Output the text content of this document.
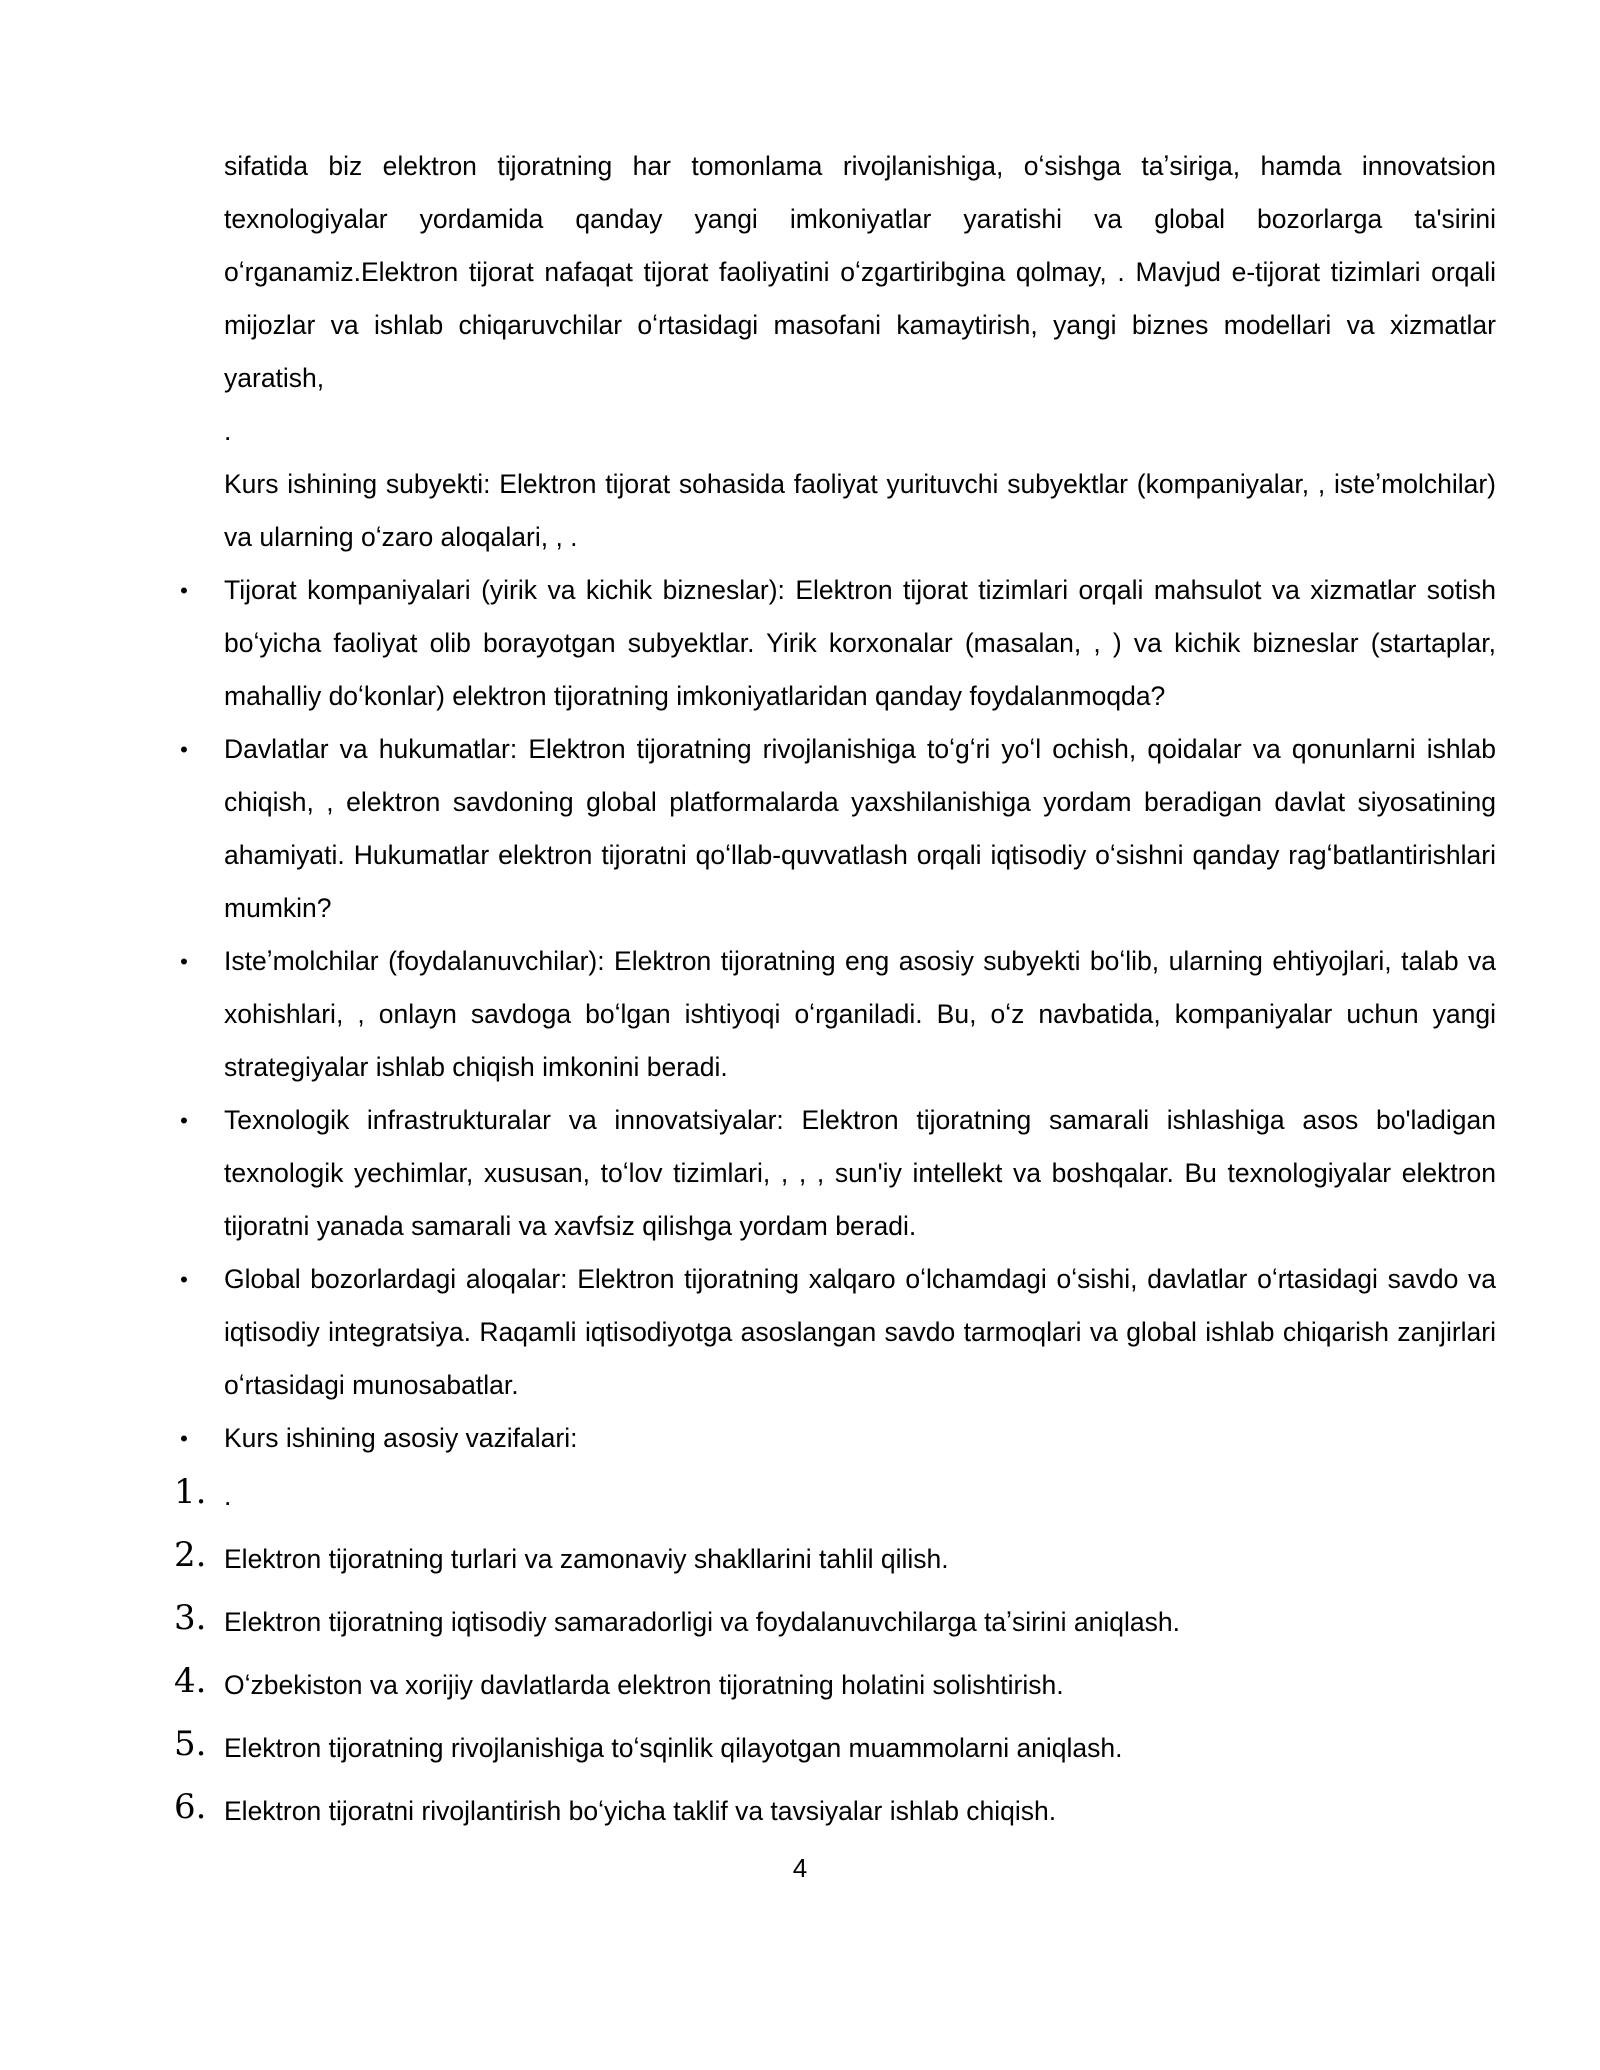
sifatida biz elektron tijoratning har tomonlama rivojlanishiga, oʻsishga taʼsiriga, hamda innovatsion texnologiyalar yordamida qanday yangi imkoniyatlar yaratishi va global bozorlarga ta'sirini oʻrganamiz.Elektron tijorat nafaqat tijorat faoliyatini oʻzgartiribgina qolmay, . Mavjud e-tijorat tizimlari orqali mijozlar va ishlab chiqaruvchilar oʻrtasidagi masofani kamaytirish, yangi biznes modellari va xizmatlar yaratish,

.

Kurs ishining subyekti: Elektron tijorat sohasida faoliyat yurituvchi subyektlar (kompaniyalar, , isteʼmolchilar) va ularning oʻzaro aloqalari, , .

• Tijorat kompaniyalari (yirik va kichik bizneslar): Elektron tijorat tizimlari orqali mahsulot va xizmatlar sotish boʻyicha faoliyat olib borayotgan subyektlar. Yirik korxonalar (masalan, , ) va kichik bizneslar (startaplar, mahalliy doʻkonlar) elektron tijoratning imkoniyatlaridan qanday foydalanmoqda?
• Davlatlar va hukumatlar: Elektron tijoratning rivojlanishiga toʻgʻri yoʻl ochish, qoidalar va qonunlarni ishlab chiqish, , elektron savdoning global platformalarda yaxshilanishiga yordam beradigan davlat siyosatining ahamiyati. Hukumatlar elektron tijoratni qoʻllab-quvvatlash orqali iqtisodiy oʻsishni qanday ragʻbatlantirishlari mumkin?
• Isteʼmolchilar (foydalanuvchilar): Elektron tijoratning eng asosiy subyekti boʻlib, ularning ehtiyojlari, talab va xohishlari, , onlayn savdoga boʻlgan ishtiyoqi oʻrganiladi. Bu, oʻz navbatida, kompaniyalar uchun yangi strategiyalar ishlab chiqish imkonini beradi.
• Texnologik infrastrukturalar va innovatsiyalar: Elektron tijoratning samarali ishlashiga asos bo'ladigan texnologik yechimlar, xususan, toʻlov tizimlari, , , , sun'iy intellekt va boshqalar. Bu texnologiyalar elektron tijoratni yanada samarali va xavfsiz qilishga yordam beradi.
• Global bozorlardagi aloqalar: Elektron tijoratning xalqaro oʻlchamdagi oʻsishi, davlatlar oʻrtasidagi savdo va iqtisodiy integratsiya. Raqamli iqtisodiyotga asoslangan savdo tarmoqlari va global ishlab chiqarish zanjirlari oʻrtasidagi munosabatlar.
• Kurs ishining asosiy vazifalari:
1. .
2. Elektron tijoratning turlari va zamonaviy shakllarini tahlil qilish.
3. Elektron tijoratning iqtisodiy samaradorligi va foydalanuvchilarga taʼsirini aniqlash.
4. Oʻzbekiston va xorijiy davlatlarda elektron tijoratning holatini solishtirish.
5. Elektron tijoratning rivojlanishiga toʻsqinlik qilayotgan muammolarni aniqlash.
6. Elektron tijoratni rivojlantirish boʻyicha taklif va tavsiyalar ishlab chiqish.
4
